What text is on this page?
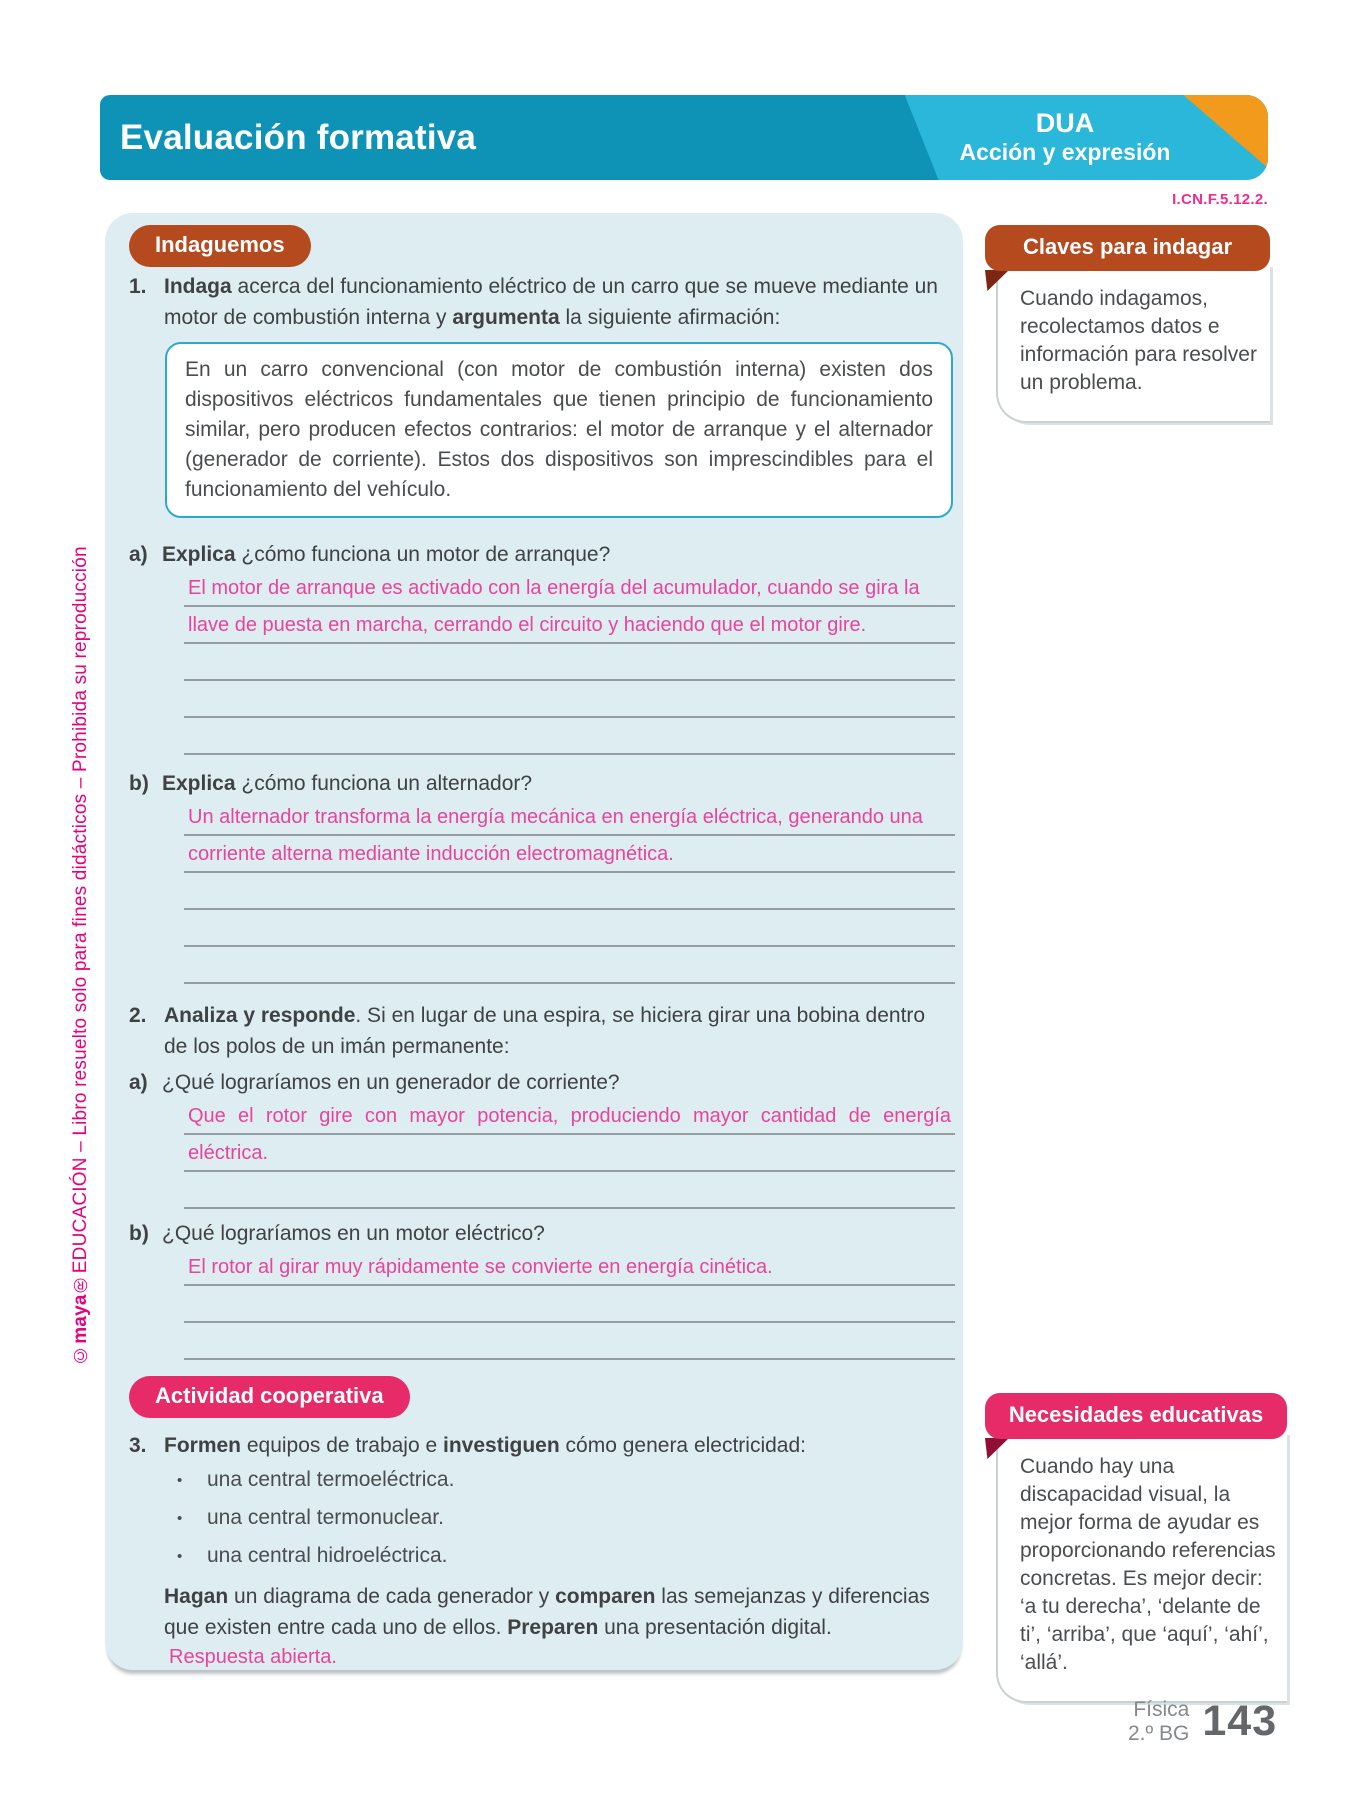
Evaluación formativa	DUA
Acción y expresión
I.CN.F.5.12.2.
©maya®EDUCACIÓN – Libro resuelto solo para fines didácticos – Prohibida su reproducción
Indaguemos
1. Indaga acerca del funcionamiento eléctrico de un carro que se mueve mediante un motor de combustión interna y argumenta la siguiente afirmación:
En un carro convencional (con motor de combustión interna) existen dos dispositivos eléctricos fundamentales que tienen principio de funcionamiento similar, pero producen efectos contrarios: el motor de arranque y el alternador (generador de corriente). Estos dos dispositivos son imprescindibles para el funcionamiento del vehículo.
a) Explica ¿cómo funciona un motor de arranque?
El motor de arranque es activado con la energía del acumulador, cuando se gira la
llave de puesta en marcha, cerrando el circuito y haciendo que el motor gire.
b) Explica ¿cómo funciona un alternador?
Un alternador transforma la energía mecánica en energía eléctrica, generando una
corriente alterna mediante inducción electromagnética.
2. Analiza y responde. Si en lugar de una espira, se hiciera girar una bobina dentro de los polos de un imán permanente:
a) ¿Qué lograríamos en un generador de corriente?
Que el rotor gire con mayor potencia, produciendo mayor cantidad de energía
eléctrica.
b) ¿Qué lograríamos en un motor eléctrico?
El rotor al girar muy rápidamente se convierte en energía cinética.
Actividad cooperativa
3. Formen equipos de trabajo e investiguen cómo genera electricidad:
•	una central termoeléctrica.
•	una central termonuclear.
•	una central hidroeléctrica.
Hagan un diagrama de cada generador y comparen las semejanzas y diferencias que existen entre cada uno de ellos. Preparen una presentación digital.
Respuesta abierta.
Claves para indagar
Cuando indagamos, recolectamos datos e información para resolver un problema.
Necesidades educativas
Cuando hay una discapacidad visual, la mejor forma de ayudar es proporcionando referencias concretas. Es mejor decir: ‘a tu derecha’, ‘delante de ti’, ‘arriba’, que ‘aquí’, ‘ahí’, ‘allá’.
Física
2.º BG 143
